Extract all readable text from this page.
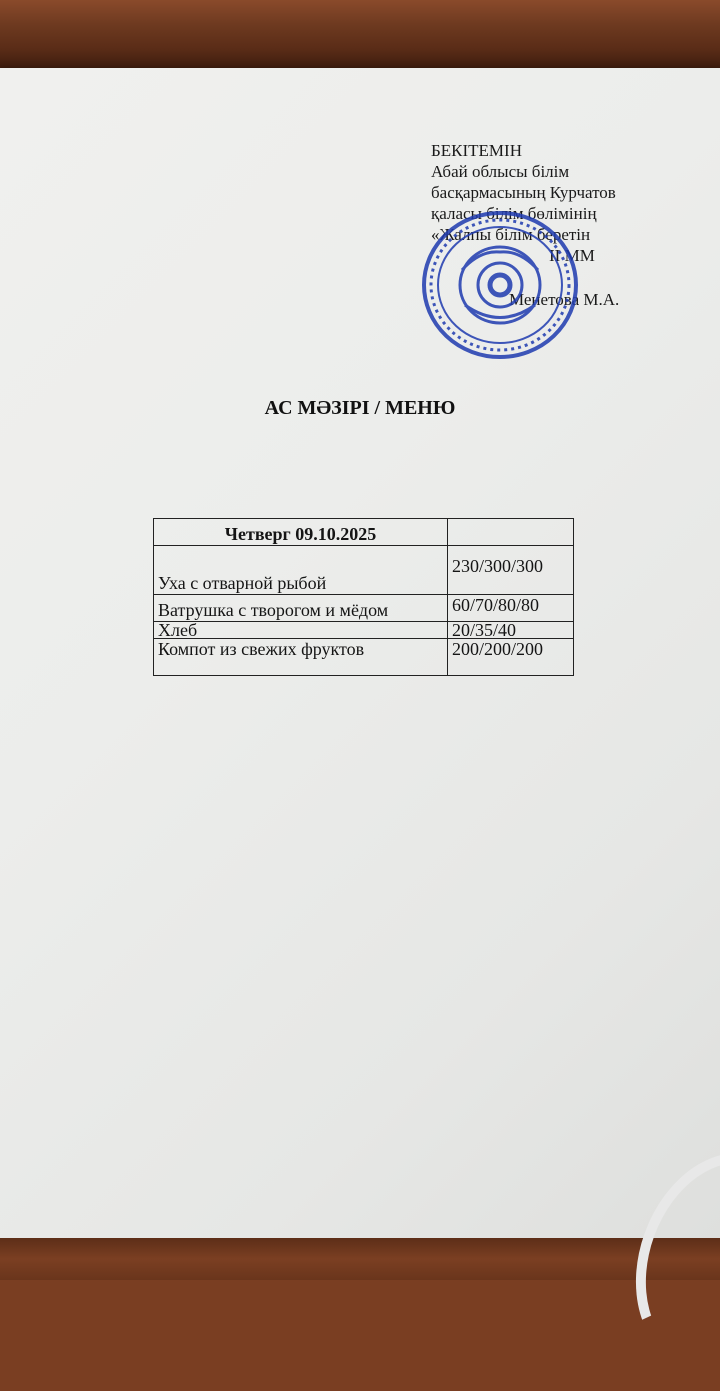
БЕКІТЕМІН
Абай облысы білім
басқармасының Курчатов
қаласы білім бөлімінің
«Жалпы білім беретін
ІІ ММ
Менетова М.А.
АС МӘЗІРІ / МЕНЮ
Четверг 09.10.2025	
Уха с отварной рыбой	230/300/300
Ватрушка с творогом и мёдом	60/70/80/80
Хлеб	20/35/40
Компот из свежих фруктов	200/200/200
